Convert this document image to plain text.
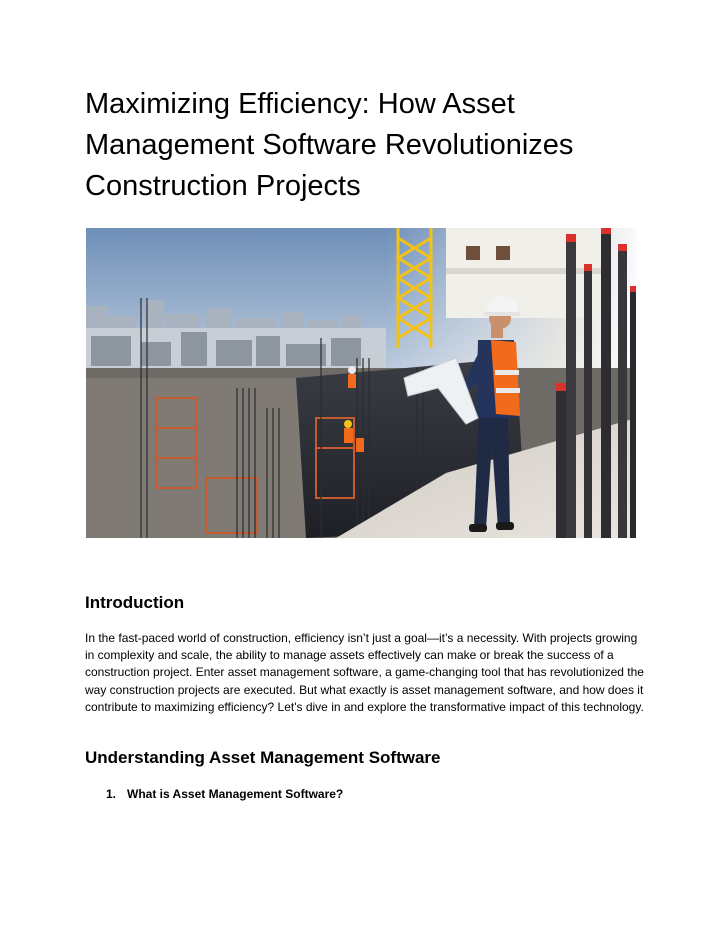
Maximizing Efficiency: How Asset Management Software Revolutionizes Construction Projects
Introduction

In the fast-paced world of construction, efficiency isn’t just a goal—it’s a necessity. With projects growing in complexity and scale, the ability to manage assets effectively can make or break the success of a construction project. Enter asset management software, a game-changing tool that has revolutionized the way construction projects are executed. But what exactly is asset management software, and how does it contribute to maximizing efficiency? Let's dive in and explore the transformative impact of this technology.

Understanding Asset Management Software
1. What is Asset Management Software?
